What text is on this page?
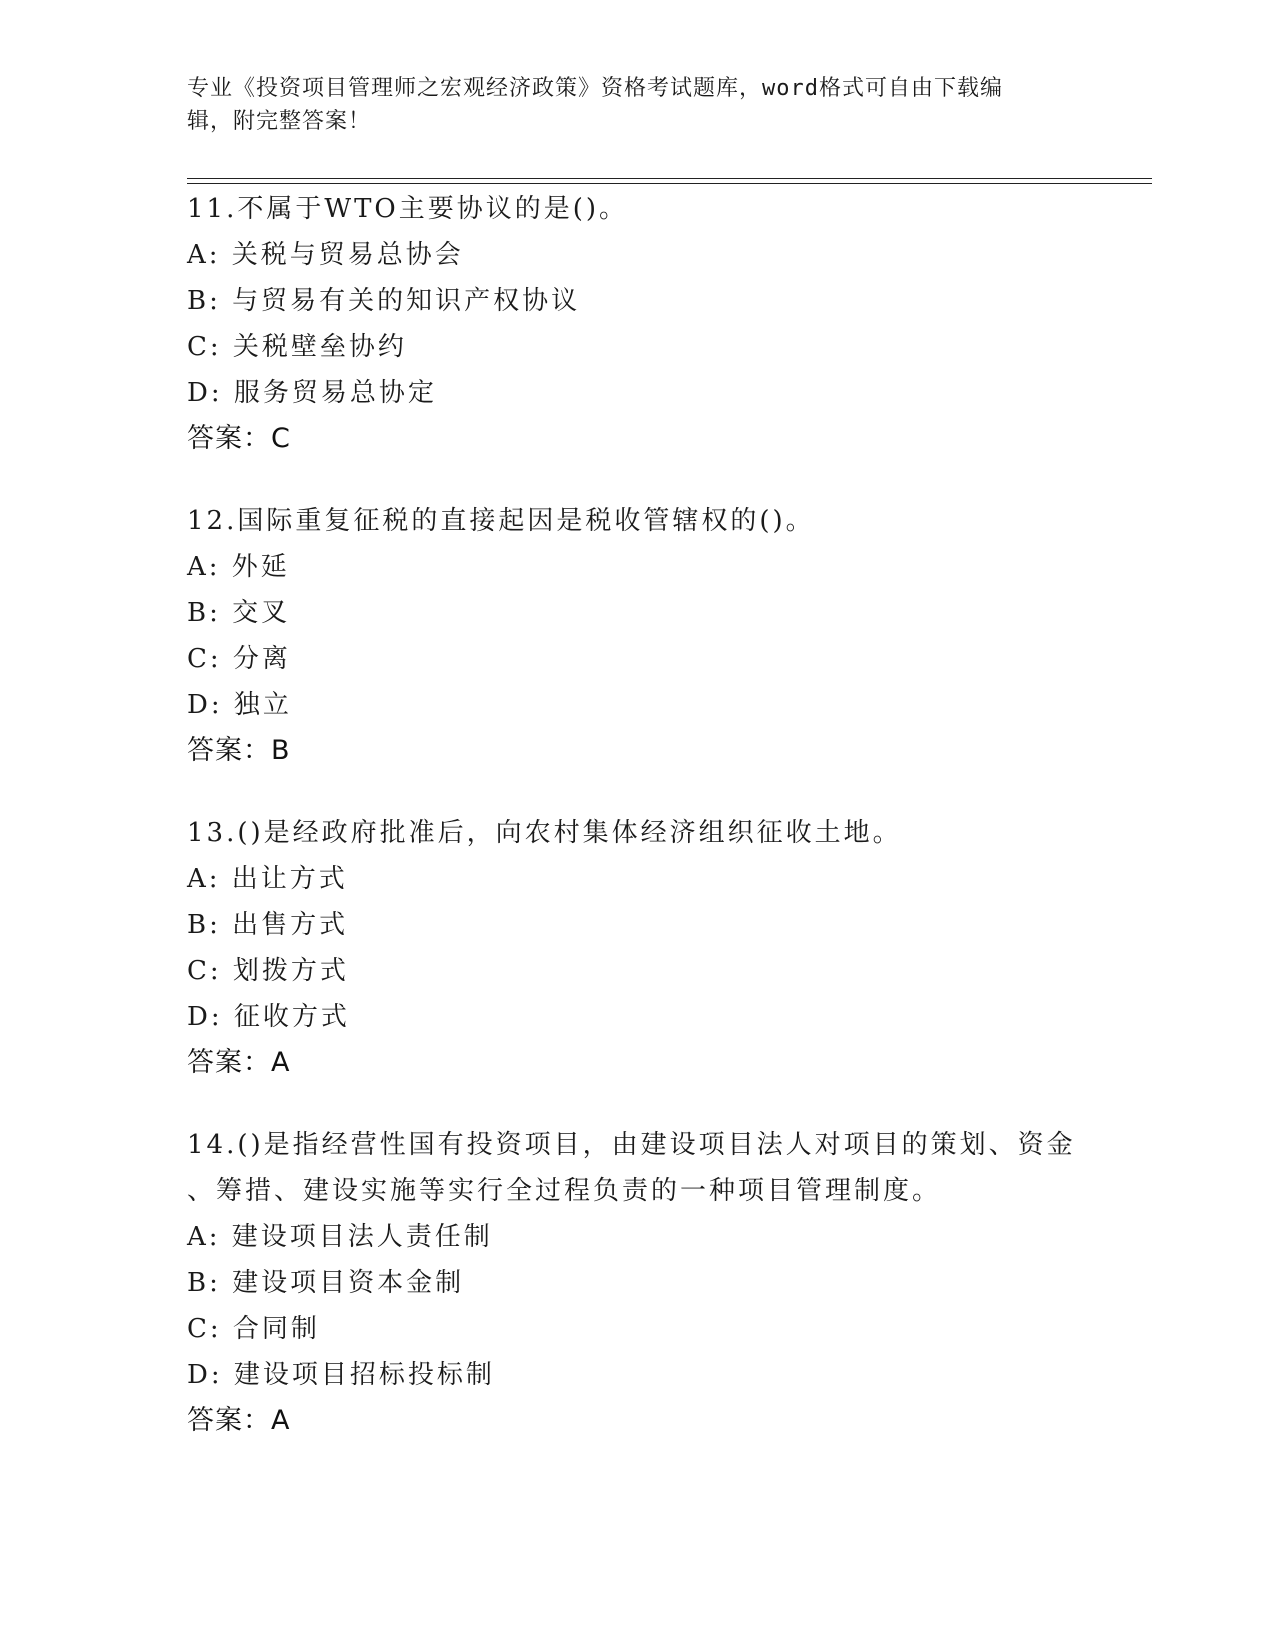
专业《投资项目管理师之宏观经济政策》资格考试题库，word格式可自由下载编
辑，附完整答案！
11.不属于WTO主要协议的是()。
A: 关税与贸易总协会
B: 与贸易有关的知识产权协议
C: 关税壁垒协约
D: 服务贸易总协定
答案：C
12.国际重复征税的直接起因是税收管辖权的()。
A: 外延
B: 交叉
C: 分离
D: 独立
答案：B
13.()是经政府批准后，向农村集体经济组织征收土地。
A: 出让方式
B: 出售方式
C: 划拨方式
D: 征收方式
答案：A
14.()是指经营性国有投资项目，由建设项目法人对项目的策划、资金
、筹措、建设实施等实行全过程负责的一种项目管理制度。
A: 建设项目法人责任制
B: 建设项目资本金制
C: 合同制
D: 建设项目招标投标制
答案：A
